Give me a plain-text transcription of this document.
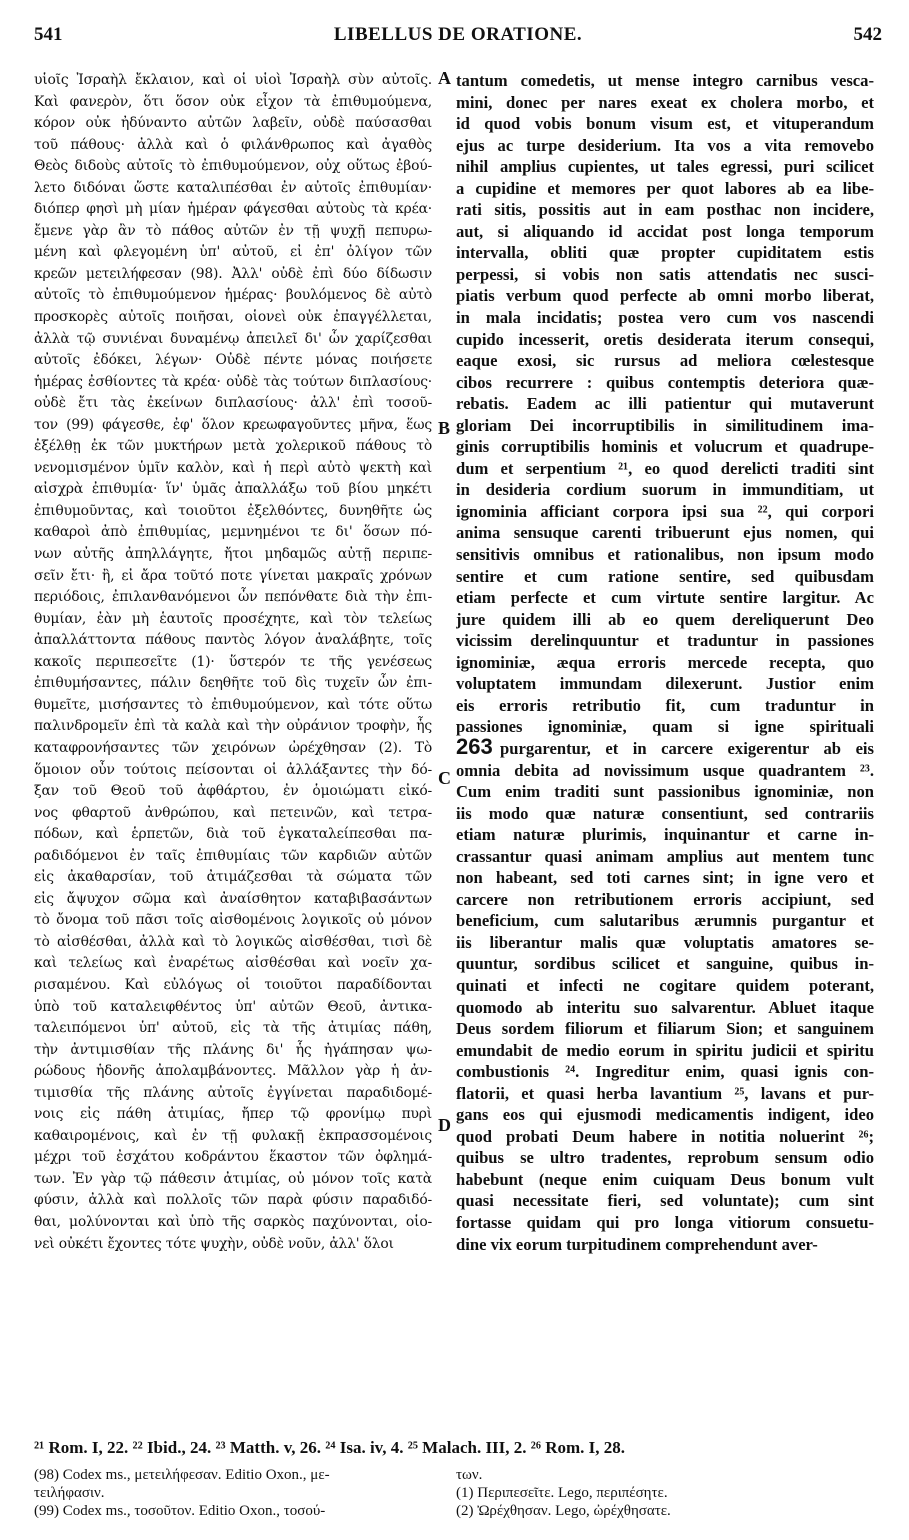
541	LIBELLUS DE ORATIONE.	542
υἱοῖς Ἰσραὴλ ἔκλαιον, καὶ οἱ υἱοὶ Ἰσραὴλ σὺν αὐτοῖς.
Καὶ φανερὸν, ὅτι ὅσον οὐκ εἶχον τὰ ἐπιθυμούμενα,
κόρον οὐκ ἠδύναντο αὐτῶν λαβεῖν, οὐδὲ παύσασθαι
τοῦ πάθους· ἀλλὰ καὶ ὁ φιλάνθρωπος καὶ ἀγαθὸς
Θεὸς διδοὺς αὐτοῖς τὸ ἐπιθυμούμενον, οὐχ οὕτως ἐβού-
λετο διδόναι ὥστε καταλιπέσθαι ἐν αὐτοῖς ἐπιθυμίαν·
διόπερ φησὶ μὴ μίαν ἡμέραν φάγεσθαι αὐτοὺς τὰ κρέα·
ἔμενε γὰρ ἂν τὸ πάθος αὐτῶν ἐν τῇ ψυχῇ πεπυρω-
μένη καὶ φλεγομένη ὑπ' αὐτοῦ, εἰ ἐπ' ὀλίγον τῶν
κρεῶν μετειλήφεσαν (98). Ἀλλ' οὐδὲ ἐπὶ δύο δίδωσιν
αὐτοῖς τὸ ἐπιθυμούμενον ἡμέρας· βουλόμενος δὲ αὐτὸ
προσκορὲς αὐτοῖς ποιῆσαι, οἱονεὶ οὐκ ἐπαγγέλλεται,
ἀλλὰ τῷ συνιέναι δυναμένῳ ἀπειλεῖ δι' ὧν χαρίζεσθαι
αὐτοῖς ἐδόκει, λέγων· Οὐδὲ πέντε μόνας ποιήσετε
ἡμέρας ἐσθίοντες τὰ κρέα· οὐδὲ τὰς τούτων διπλασίους·
οὐδὲ ἔτι τὰς ἐκείνων διπλασίους· ἀλλ' ἐπὶ τοσοῦ-
τον (99) φάγεσθε, ἐφ' ὅλον κρεωφαγοῦντες μῆνα, ἕως
ἐξέλθῃ ἐκ τῶν μυκτήρων μετὰ χολερικοῦ πάθους τὸ
νενομισμένον ὑμῖν καλὸν, καὶ ἡ περὶ αὐτὸ ψεκτὴ καὶ
αἰσχρὰ ἐπιθυμία· ἵν' ὑμᾶς ἀπαλλάξω τοῦ βίου μηκέτι
ἐπιθυμοῦντας, καὶ τοιοῦτοι ἐξελθόντες, δυνηθῆτε ὡς
καθαροὶ ἀπὸ ἐπιθυμίας, μεμνημένοι τε δι' ὅσων πό-
νων αὐτῆς ἀπηλλάγητε, ἤτοι μηδαμῶς αὐτῇ περιπε-
σεῖν ἔτι· ἢ, εἰ ἄρα τοῦτό ποτε γίνεται μακραῖς χρόνων
περιόδοις, ἐπιλανθανόμενοι ὧν πεπόνθατε διὰ τὴν ἐπι-
θυμίαν, ἐὰν μὴ ἑαυτοῖς προσέχητε, καὶ τὸν τελείως
ἀπαλλάττοντα πάθους παντὸς λόγον ἀναλάβητε, τοῖς
κακοῖς περιπεσεῖτε (1)· ὕστερόν τε τῆς γενέσεως
ἐπιθυμήσαντες, πάλιν δεηθῆτε τοῦ δὶς τυχεῖν ὧν ἐπι-
θυμεῖτε, μισήσαντες τὸ ἐπιθυμούμενον, καὶ τότε οὕτω
παλινδρομεῖν ἐπὶ τὰ καλὰ καὶ τὴν οὐράνιον τροφὴν, ἧς
καταφρονήσαντες τῶν χειρόνων ὠρέχθησαν (2). Τὸ
ὅμοιον οὖν τούτοις πείσονται οἱ ἀλλάξαντες τὴν δό-
ξαν τοῦ Θεοῦ τοῦ ἀφθάρτου, ἐν ὁμοιώματι εἰκό-
νος φθαρτοῦ ἀνθρώπου, καὶ πετεινῶν, καὶ τετρα-
πόδων, καὶ ἑρπετῶν, διὰ τοῦ ἐγκαταλείπεσθαι πα-
ραδιδόμενοι ἐν ταῖς ἐπιθυμίαις τῶν καρδιῶν αὐτῶν
εἰς ἀκαθαρσίαν, τοῦ ἀτιμάζεσθαι τὰ σώματα τῶν
εἰς ἄψυχον σῶμα καὶ ἀναίσθητον καταβιβασάντων
τὸ ὄνομα τοῦ πᾶσι τοῖς αἰσθομένοις λογικοῖς οὐ μόνον
τὸ αἰσθέσθαι, ἀλλὰ καὶ τὸ λογικῶς αἰσθέσθαι, τισὶ δὲ
καὶ τελείως καὶ ἐναρέτως αἰσθέσθαι καὶ νοεῖν χα-
ρισαμένου. Καὶ εὐλόγως οἱ τοιοῦτοι παραδίδονται
ὑπὸ τοῦ καταλειφθέντος ὑπ' αὐτῶν Θεοῦ, ἀντικα-
ταλειπόμενοι ὑπ' αὐτοῦ, εἰς τὰ τῆς ἀτιμίας πάθη,
τὴν ἀντιμισθίαν τῆς πλάνης δι' ἧς ἠγάπησαν ψω-
ρώδους ἡδονῆς ἀπολαμβάνοντες. Μᾶλλον γὰρ ἡ ἀν-
τιμισθία τῆς πλάνης αὐτοῖς ἐγγίνεται παραδιδομέ-
νοις εἰς πάθη ἀτιμίας, ἤπερ τῷ φρονίμῳ πυρὶ
καθαιρομένοις, καὶ ἐν τῇ φυλακῇ ἐκπρασσομένοις
μέχρι τοῦ ἐσχάτου κοδράντου ἕκαστον τῶν ὀφλημά-
των. Ἐν γὰρ τῷ πάθεσιν ἀτιμίας, οὐ μόνον τοῖς κατὰ
φύσιν, ἀλλὰ καὶ πολλοῖς τῶν παρὰ φύσιν παραδιδό-
θαι, μολύνονται καὶ ὑπὸ τῆς σαρκὸς παχύνονται, οἱο-
νεὶ οὐκέτι ἔχοντες τότε ψυχὴν, οὐδὲ νοῦν, ἀλλ' ὅλοι
tantum comedetis, ut mense integro carnibus vesca-
mini, donec per nares exeat ex cholera morbo, et
id quod vobis bonum visum est, et vituperandum
ejus ac turpe desiderium. Ita vos a vita removebo
nihil amplius cupientes, ut tales egressi, puri scilicet
a cupidine et memores per quot labores ab ea libe-
rati sitis, possitis aut in eam posthac non incidere,
aut, si aliquando id accidat post longa temporum
intervalla, obliti quæ propter cupiditatem estis
perpessi, si vobis non satis attendatis nec susci-
piatis verbum quod perfecte ab omni morbo liberat,
in mala incidatis; postea vero cum vos nascendi
cupido incesserit, oretis desiderata iterum consequi,
eaque exosi, sic rursus ad meliora cœlestesque
cibos recurrere : quibus contemptis deteriora quæ-
rebatis. Eadem ac illi patientur qui mutaverunt
gloriam Dei incorruptibilis in similitudinem ima-
ginis corruptibilis hominis et volucrum et quadrupe-
dum et serpentium ²¹, eo quod derelicti traditi sint
in desideria cordium suorum in immunditiam, ut
ignominia afficiant corpora ipsi sua ²², qui corpori
anima sensuque carenti tribuerunt ejus nomen, qui
sensitivis omnibus et rationalibus, non ipsum modo
sentire et cum ratione sentire, sed quibusdam
etiam perfecte et cum virtute sentire largitur. Ac
jure quidem illi ab eo quem dereliquerunt Deo
vicissim derelinquuntur et traduntur in passiones
ignominiæ, æqua erroris mercede recepta, quo
voluptatem immundam dilexerunt. Justior enim
eis erroris retributio fit, cum traduntur in
passiones ignominiæ, quam si igne spirituali
purgarentur, et in carcere exigerentur ab eis
263
omnia debita ad novissimum usque quadrantem ²³.
Cum enim traditi sunt passionibus ignominiæ, non
iis modo quæ naturæ consentiunt, sed contrariis
etiam naturæ plurimis, inquinantur et carne in-
crassantur quasi animam amplius aut mentem tunc
non habeant, sed toti carnes sint; in igne vero et
carcere non retributionem erroris accipiunt, sed
beneficium, cum salutaribus ærumnis purgantur et
iis liberantur malis quæ voluptatis amatores se-
quuntur, sordibus scilicet et sanguine, quibus in-
quinati et infecti ne cogitare quidem poterant,
quomodo ab interitu suo salvarentur. Abluet itaque
Deus sordem filiorum et filiarum Sion; et sanguinem
emundabit de medio eorum in spiritu judicii et spiritu
combustionis ²⁴. Ingreditur enim, quasi ignis con-
flatorii, et quasi herba lavantium ²⁵, lavans et pur-
gans eos qui ejusmodi medicamentis indigent, ideo
quod probati Deum habere in notitia noluerint ²⁶;
quibus se ultro tradentes, reprobum sensum odio
habebunt (neque enim cuiquam Deus bonum vult
quasi necessitate fieri, sed voluntate); cum sint
fortasse quidam qui pro longa vitiorum consuetu-
dine vix eorum turpitudinem comprehendunt aver-
A
B
C
D
²¹ Rom. I, 22. ²² Ibid., 24. ²³ Matth. v, 26. ²⁴ Isa. iv, 4. ²⁵ Malach. III, 2. ²⁶ Rom. I, 28.
(98) Codex ms., μετειλήφεσαν. Editio Oxon., με-
τειλήφασιν.
(99) Codex ms., τοσοῦτον. Editio Oxon., τοσού-
των.
(1) Περιπεσεῖτε. Lego, περιπέσητε.
(2) Ὠρέχθησαν. Lego, ὠρέχθησατε.
